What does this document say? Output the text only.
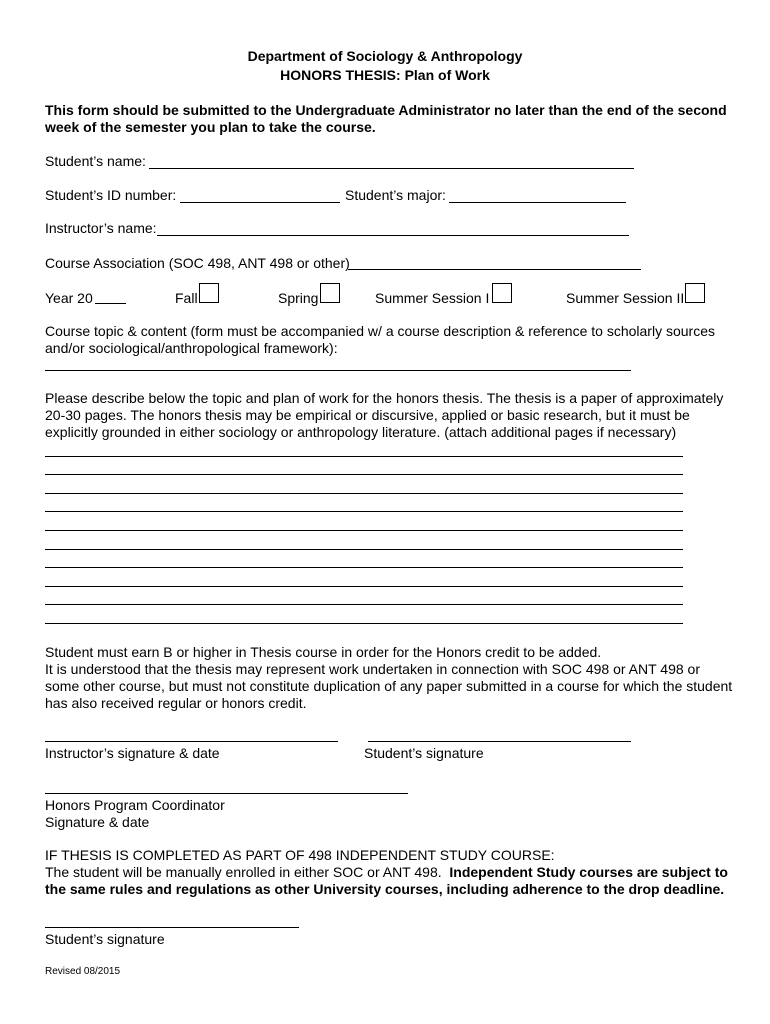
Department of Sociology & Anthropology
HONORS THESIS: Plan of Work
This form should be submitted to the Undergraduate Administrator no later than the end of the second week of the semester you plan to take the course.
Student’s name:
Student’s ID number:	Student’s major:
Instructor’s name:
Course Association (SOC 498, ANT 498 or other)
Year 20	Fall	Spring	Summer Session I	Summer Session II
Course topic & content (form must be accompanied w/ a course description & reference to scholarly sources and/or sociological/anthropological framework):
Please describe below the topic and plan of work for the honors thesis. The thesis is a paper of approximately 20-30 pages. The honors thesis may be empirical or discursive, applied or basic research, but it must be explicitly grounded in either sociology or anthropology literature. (attach additional pages if necessary)
Student must earn B or higher in Thesis course in order for the Honors credit to be added.
It is understood that the thesis may represent work undertaken in connection with SOC 498 or ANT 498 or some other course, but must not constitute duplication of any paper submitted in a course for which the student has also received regular or honors credit.
Instructor’s signature & date	Student’s signature
Honors Program Coordinator
Signature & date
IF THESIS IS COMPLETED AS PART OF 498 INDEPENDENT STUDY COURSE:
The student will be manually enrolled in either SOC or ANT 498.  Independent Study courses are subject to the same rules and regulations as other University courses, including adherence to the drop deadline.
Student’s signature
Revised 08/2015
